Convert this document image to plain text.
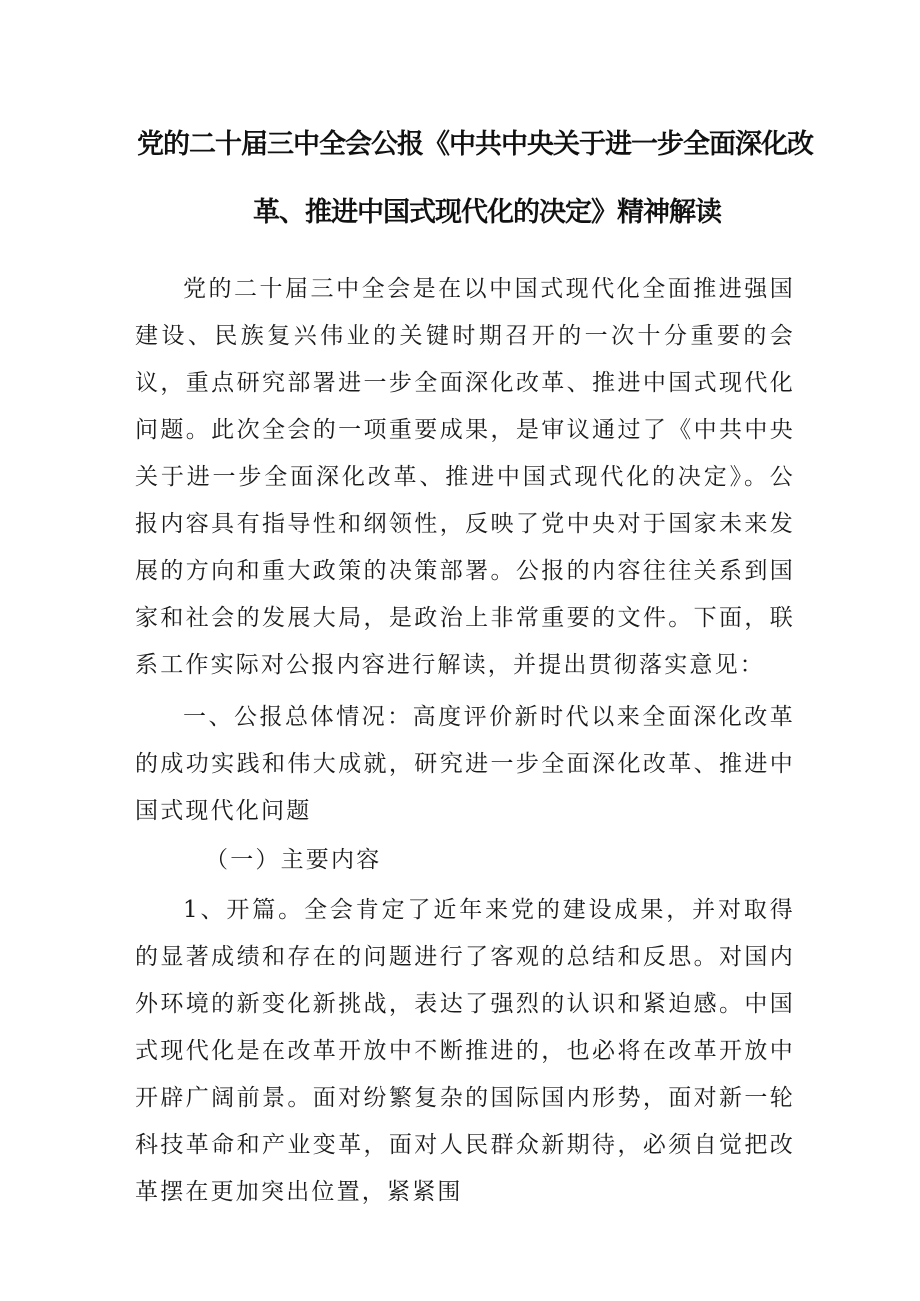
党的二十届三中全会公报《中共中央关于进一步全面深化改
革、推进中国式现代化的决定》精神解读

党的二十届三中全会是在以中国式现代化全面推进强国建设、民族复兴伟业的关键时期召开的一次十分重要的会议，重点研究部署进一步全面深化改革、推进中国式现代化问题。此次全会的一项重要成果，是审议通过了《中共中央关于进一步全面深化改革、推进中国式现代化的决定》。公报内容具有指导性和纲领性，反映了党中央对于国家未来发展的方向和重大政策的决策部署。公报的内容往往关系到国家和社会的发展大局，是政治上非常重要的文件。下面，联系工作实际对公报内容进行解读，并提出贯彻落实意见：

一、公报总体情况：高度评价新时代以来全面深化改革的成功实践和伟大成就，研究进一步全面深化改革、推进中国式现代化问题

（一）主要内容

1、开篇。全会肯定了近年来党的建设成果，并对取得的显著成绩和存在的问题进行了客观的总结和反思。对国内外环境的新变化新挑战，表达了强烈的认识和紧迫感。中国式现代化是在改革开放中不断推进的，也必将在改革开放中开辟广阔前景。面对纷繁复杂的国际国内形势，面对新一轮科技革命和产业变革，面对人民群众新期待，必须自觉把改革摆在更加突出位置，紧紧围
